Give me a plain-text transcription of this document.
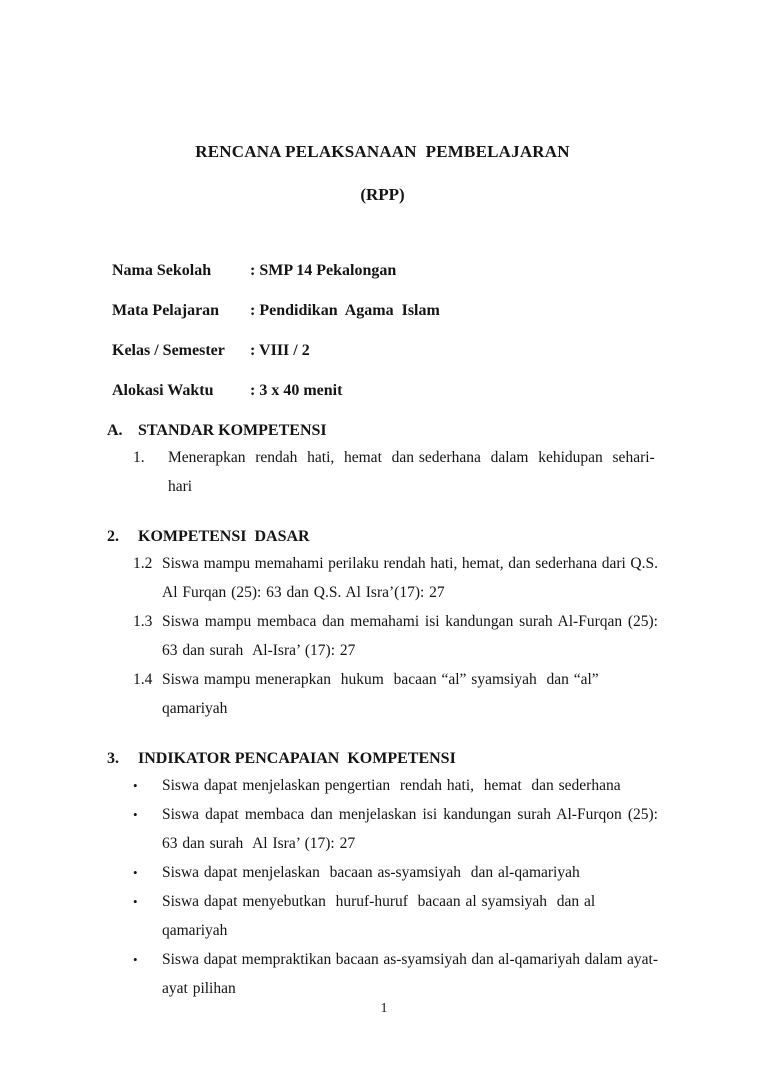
RENCANA PELAKSANAAN  PEMBELAJARAN
(RPP)
Nama Sekolah	: SMP 14 Pekalongan
Mata Pelajaran	: Pendidikan  Agama  Islam
Kelas / Semester	: VIII / 2
Alokasi Waktu	: 3 x 40 menit
A. STANDAR KOMPETENSI
1.	Menerapkan  rendah  hati,  hemat  dan sederhana  dalam  kehidupan  sehari-hari
2.	KOMPETENSI  DASAR
1.2 Siswa mampu memahami perilaku rendah hati, hemat, dan sederhana dari Q.S.
Al Furqan (25): 63 dan Q.S. Al Isra’(17): 27
1.3 Siswa mampu membaca dan memahami isi kandungan surah Al-Furqan (25):
63 dan surah  Al-Isra’ (17): 27
1.4 Siswa mampu menerapkan  hukum  bacaan “al” syamsiyah  dan “al” qamariyah
3.	INDIKATOR PENCAPAIAN  KOMPETENSI
•	Siswa dapat menjelaskan pengertian  rendah hati,  hemat  dan sederhana
•	Siswa dapat membaca dan menjelaskan isi kandungan surah Al-Furqon (25):
63 dan surah  Al Isra’ (17): 27
•	Siswa dapat menjelaskan  bacaan as-syamsiyah  dan al-qamariyah
•	Siswa dapat menyebutkan  huruf-huruf  bacaan al syamsiyah  dan al qamariyah
•	Siswa dapat mempraktikan bacaan as-syamsiyah dan al-qamariyah dalam ayat-
ayat pilihan
1
